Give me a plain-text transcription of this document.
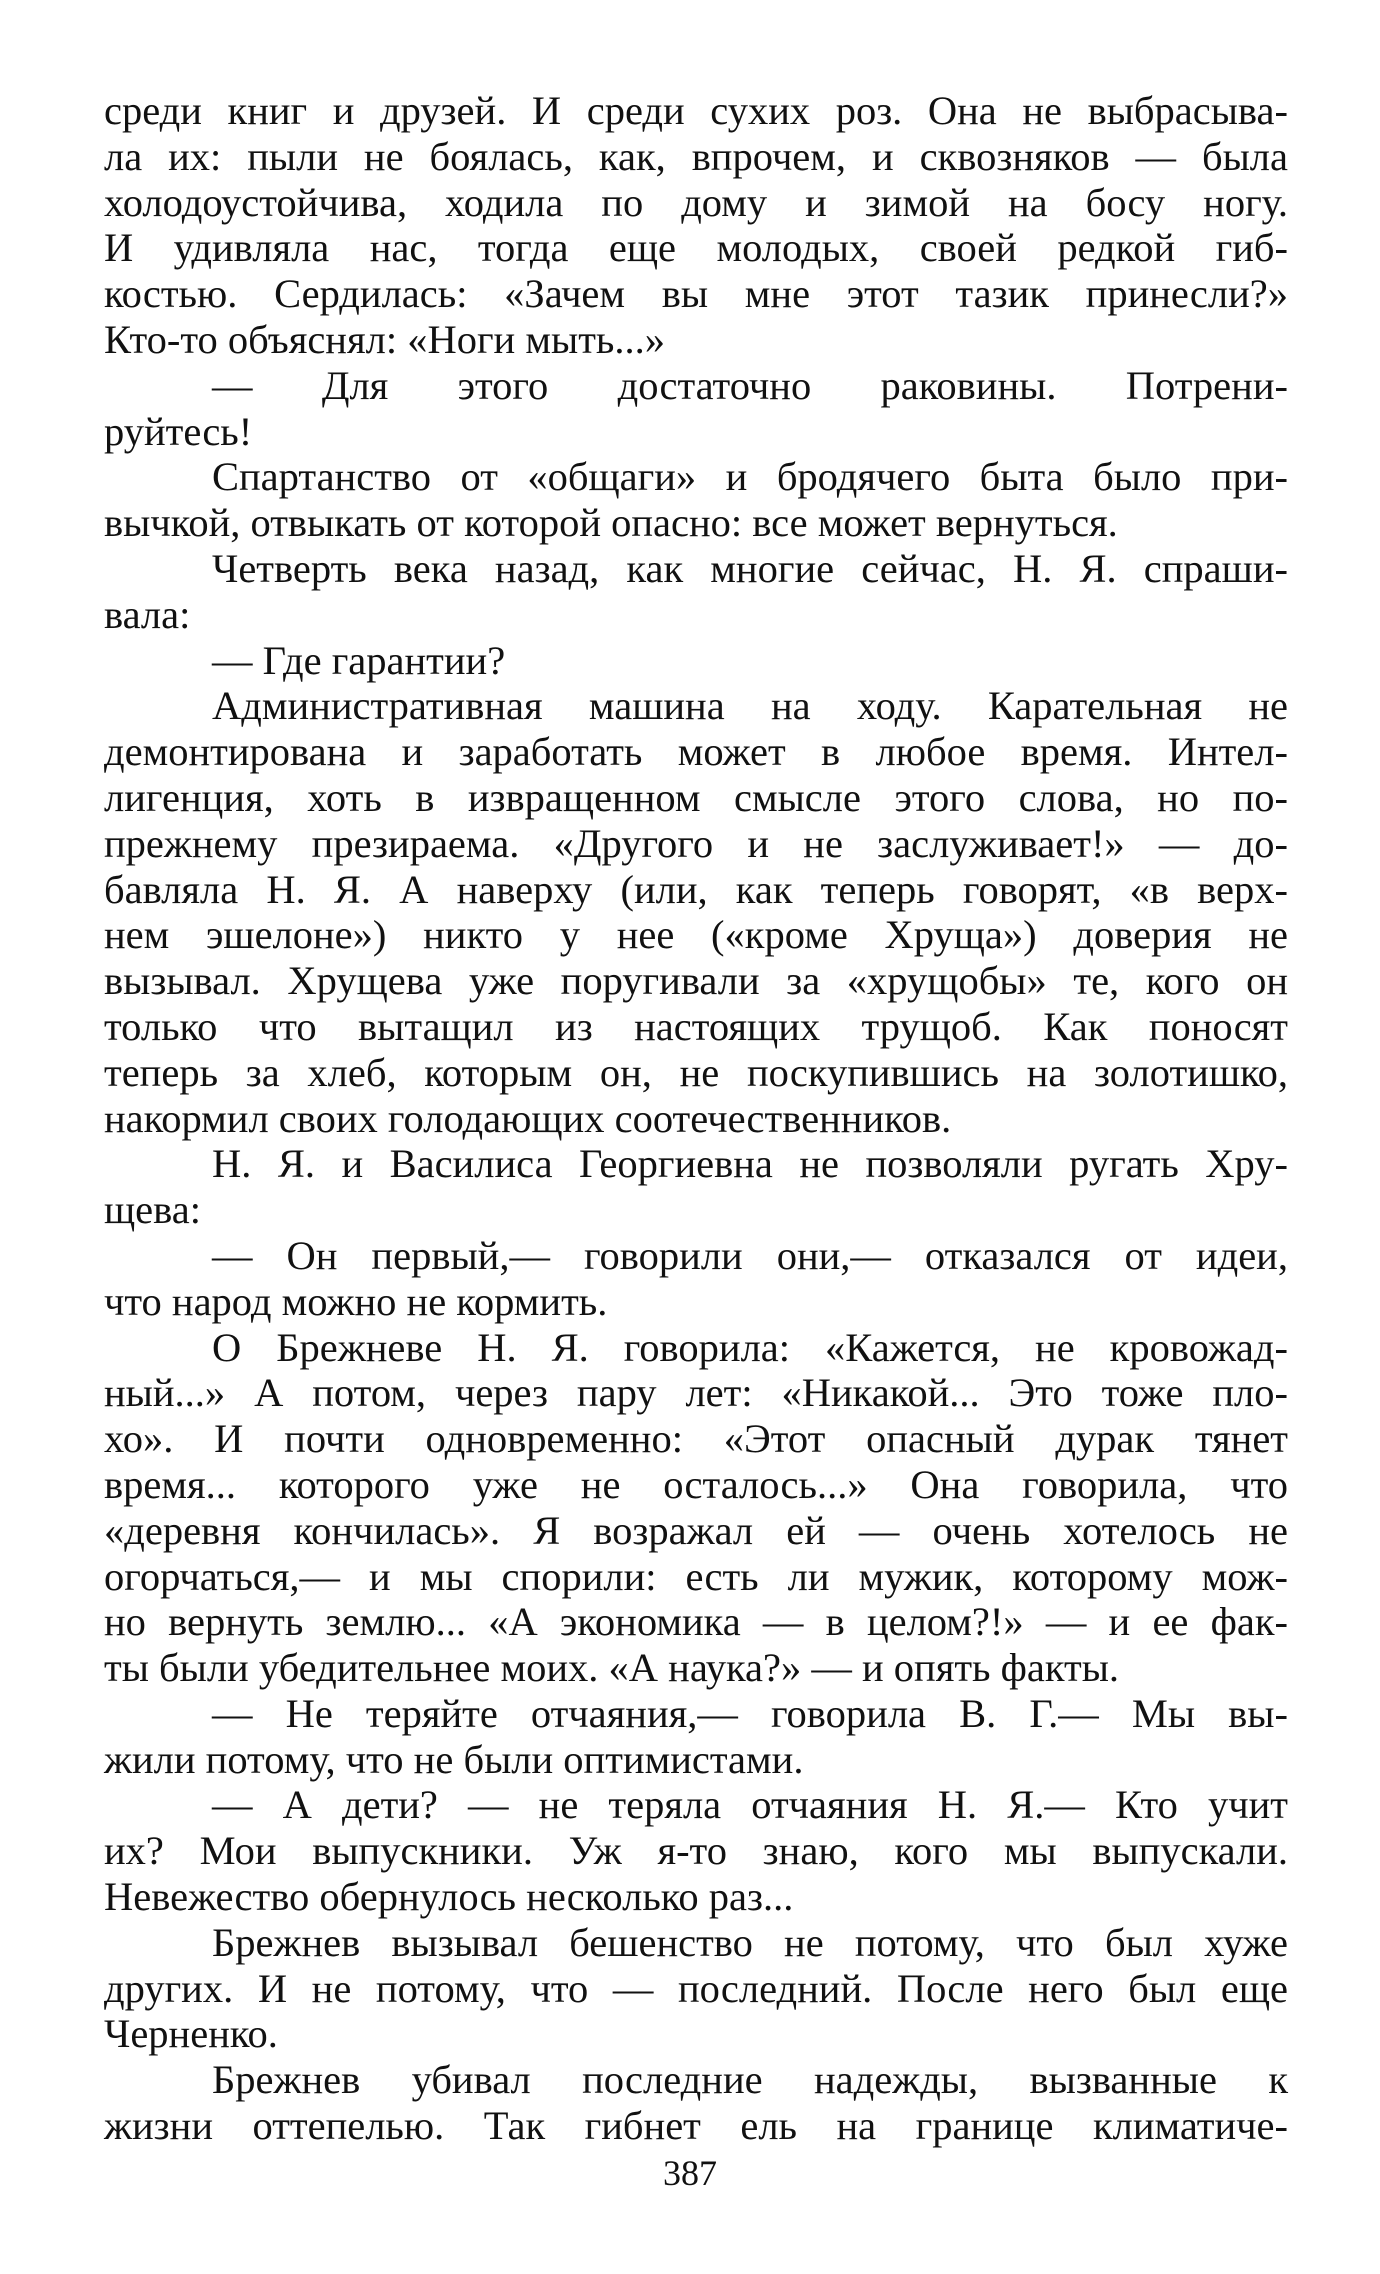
среди книг и друзей. И среди сухих роз. Она не выбрасыва-
ла их: пыли не боялась, как, впрочем, и сквозняков — была
холодоустойчива, ходила по дому и зимой на босу ногу.
И удивляла нас, тогда еще молодых, своей редкой гиб-
костью. Сердилась: «Зачем вы мне этот тазик принесли?»
Кто-то объяснял: «Ноги мыть...»
— Для этого достаточно раковины. Потрени-
руйтесь!
Спартанство от «общаги» и бродячего быта было при-
вычкой, отвыкать от которой опасно: все может вернуться.
Четверть века назад, как многие сейчас, Н. Я. спраши-
вала:
— Где гарантии?
Административная машина на ходу. Карательная не
демонтирована и заработать может в любое время. Интел-
лигенция, хоть в извращенном смысле этого слова, но по-
прежнему презираема. «Другого и не заслуживает!» — до-
бавляла Н. Я. А наверху (или, как теперь говорят, «в верх-
нем эшелоне») никто у нее («кроме Хруща») доверия не
вызывал. Хрущева уже поругивали за «хрущобы» те, кого он
только что вытащил из настоящих трущоб. Как поносят
теперь за хлеб, которым он, не поскупившись на золотишко,
накормил своих голодающих соотечественников.
Н. Я. и Василиса Георгиевна не позволяли ругать Хру-
щева:
— Он первый,— говорили они,— отказался от идеи,
что народ можно не кормить.
О Брежневе Н. Я. говорила: «Кажется, не кровожад-
ный...» А потом, через пару лет: «Никакой... Это тоже пло-
хо». И почти одновременно: «Этот опасный дурак тянет
время... которого уже не осталось...» Она говорила, что
«деревня кончилась». Я возражал ей — очень хотелось не
огорчаться,— и мы спорили: есть ли мужик, которому мож-
но вернуть землю... «А экономика — в целом?!» — и ее фак-
ты были убедительнее моих. «А наука?» — и опять факты.
— Не теряйте отчаяния,— говорила В. Г.— Мы вы-
жили потому, что не были оптимистами.
— А дети? — не теряла отчаяния Н. Я.— Кто учит
их? Мои выпускники. Уж я-то знаю, кого мы выпускали.
Невежество обернулось несколько раз...
Брежнев вызывал бешенство не потому, что был хуже
других. И не потому, что — последний. После него был еще
Черненко.
Брежнев убивал последние надежды, вызванные к
жизни оттепелью. Так гибнет ель на границе климатиче-
387
